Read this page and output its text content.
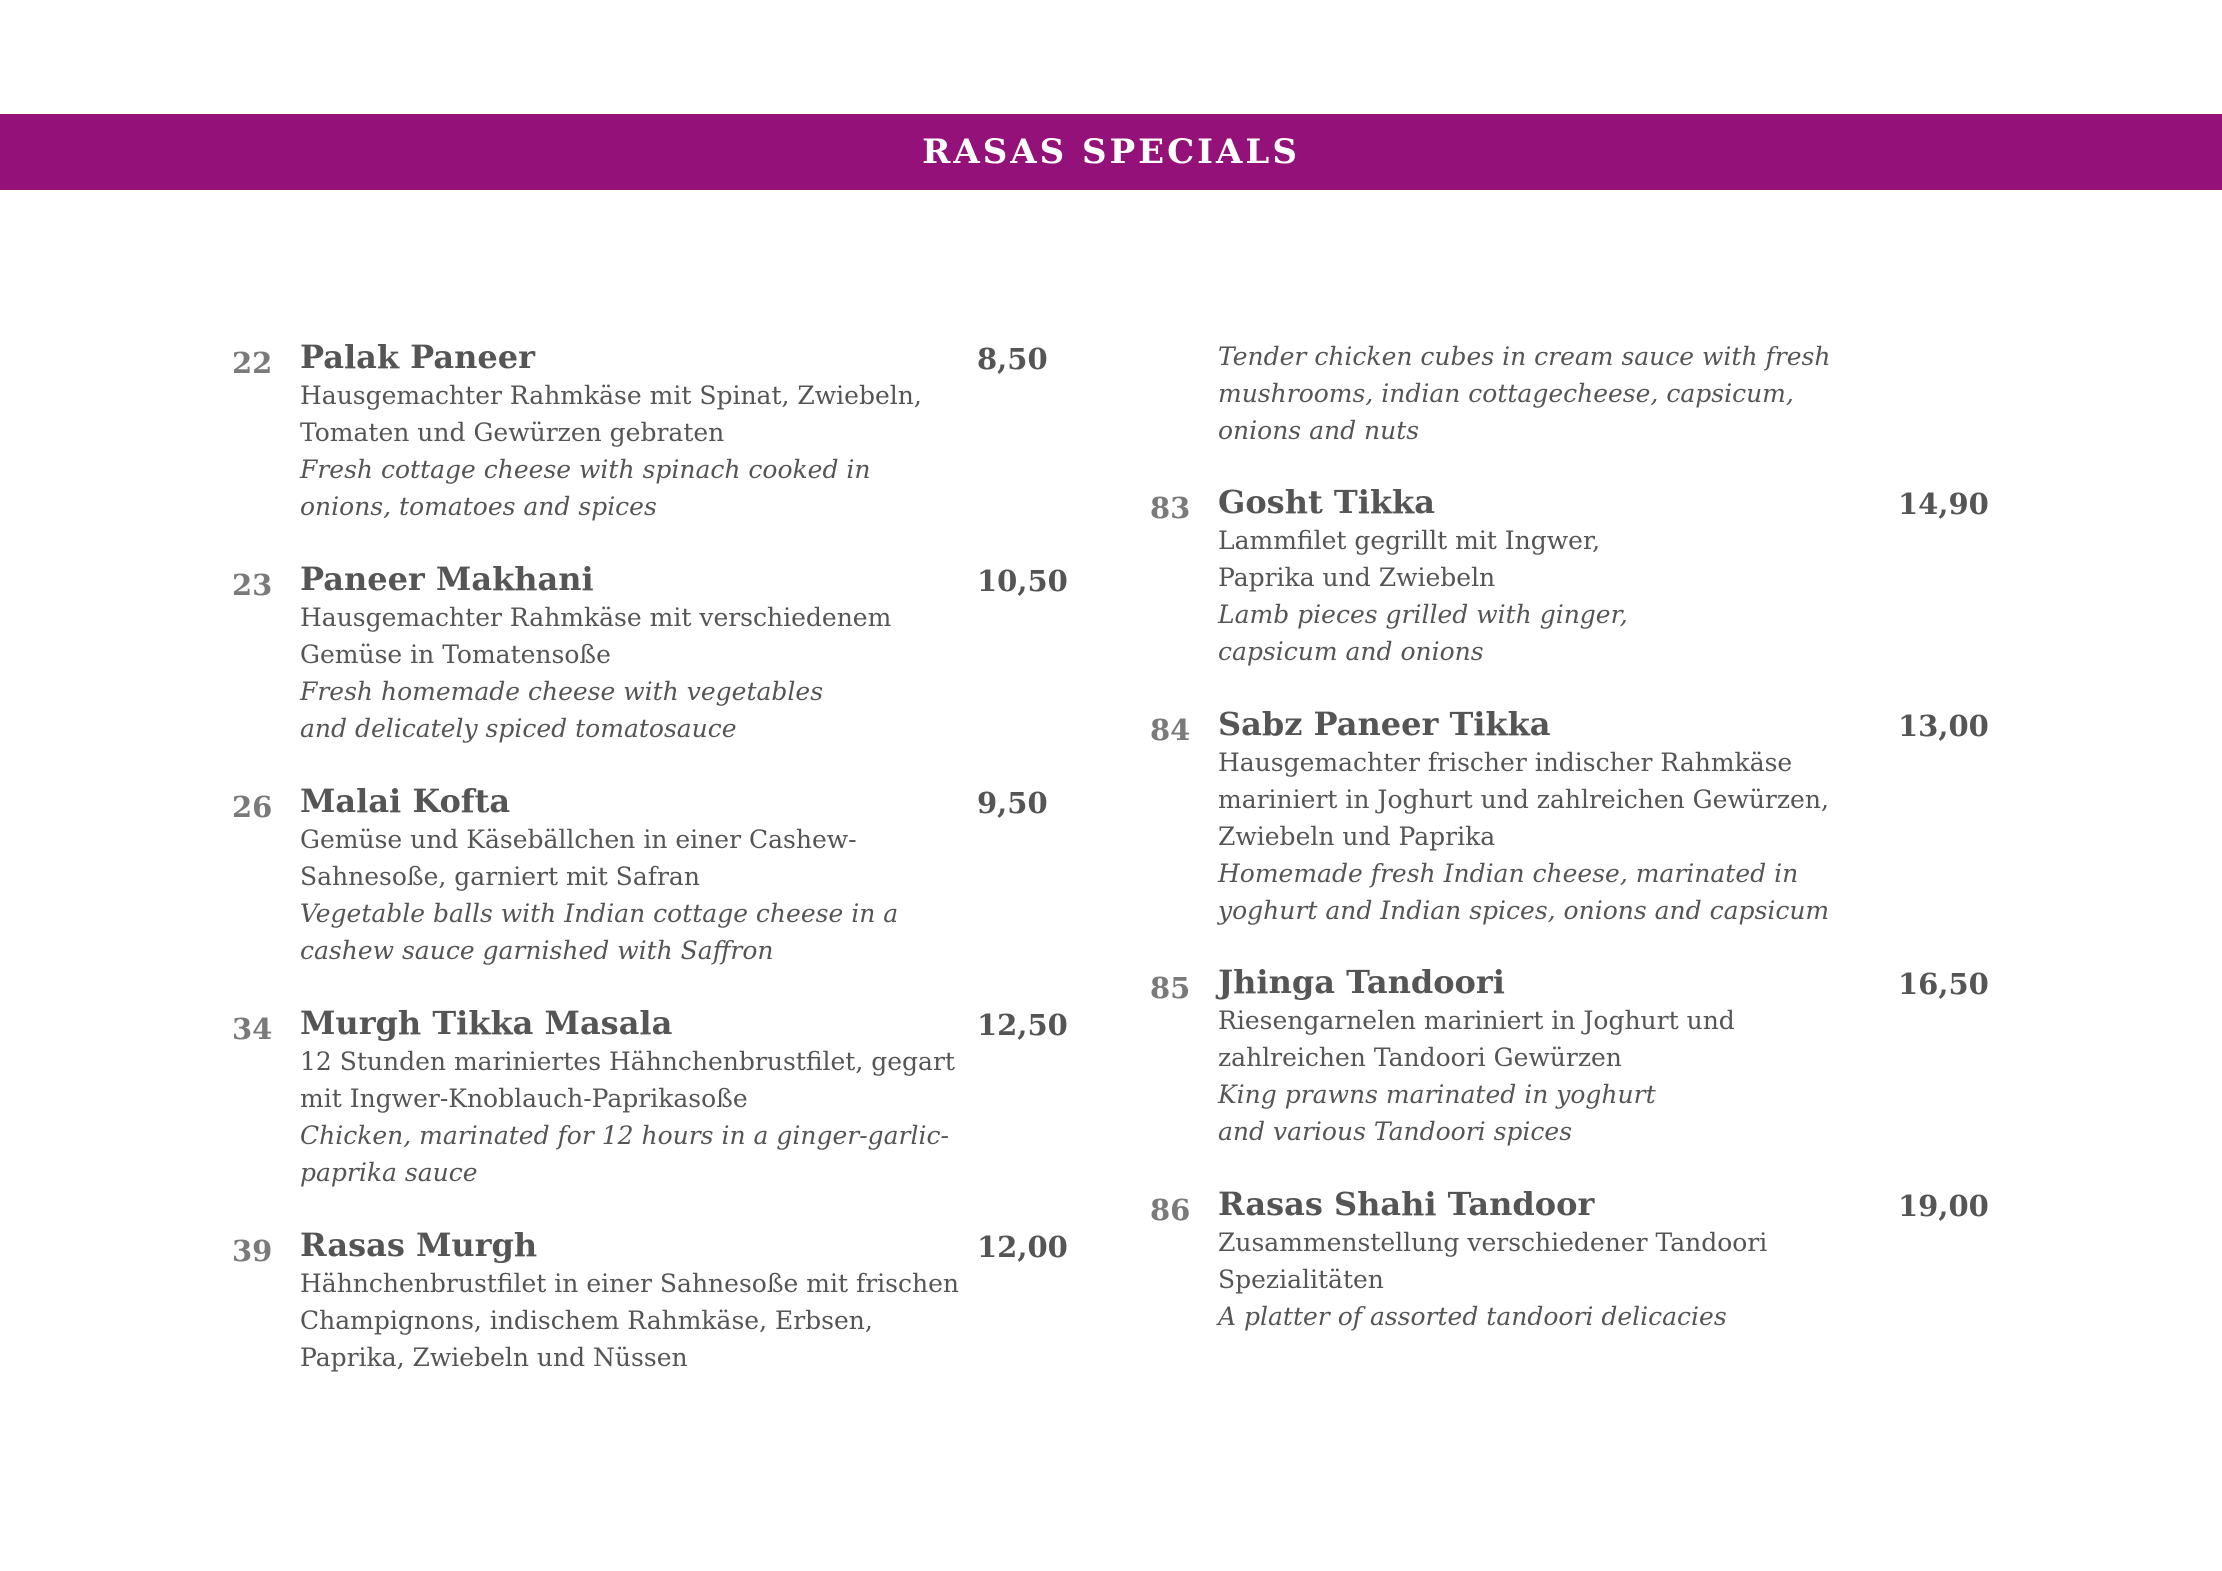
RASAS SPECIALS
22 Palak Paneer	8,50
Hausgemachter Rahmkäse mit Spinat, Zwiebeln,
Tomaten und Gewürzen gebraten
Fresh cottage cheese with spinach cooked in
onions, tomatoes and spices
23 Paneer Makhani	10,50
Hausgemachter Rahmkäse mit verschiedenem
Gemüse in Tomatensoße
Fresh homemade cheese with vegetables
and delicately spiced tomatosauce
26 Malai Kofta	9,50
Gemüse und Käsebällchen in einer Cashew-
Sahnesoße, garniert mit Safran
Vegetable balls with Indian cottage cheese in a
cashew sauce garnished with Saffron
34 Murgh Tikka Masala	12,50
12 Stunden mariniertes Hähnchenbrustfilet, gegart
mit Ingwer-Knoblauch-Paprikasoße
Chicken, marinated for 12 hours in a ginger-garlic-
paprika sauce
39 Rasas Murgh	12,00
Hähnchenbrustfilet in einer Sahnesoße mit frischen
Champignons, indischem Rahmkäse, Erbsen,
Paprika, Zwiebeln und Nüssen
Tender chicken cubes in cream sauce with fresh
mushrooms, indian cottagecheese, capsicum,
onions and nuts
83 Gosht Tikka	14,90
Lammfilet gegrillt mit Ingwer,
Paprika und Zwiebeln
Lamb pieces grilled with ginger,
capsicum and onions
84 Sabz Paneer Tikka	13,00
Hausgemachter frischer indischer Rahmkäse
mariniert in Joghurt und zahlreichen Gewürzen,
Zwiebeln und Paprika
Homemade fresh Indian cheese, marinated in
yoghurt and Indian spices, onions and capsicum
85 Jhinga Tandoori	16,50
Riesengarnelen mariniert in Joghurt und
zahlreichen Tandoori Gewürzen
King prawns marinated in yoghurt
and various Tandoori spices
86 Rasas Shahi Tandoor	19,00
Zusammenstellung verschiedener Tandoori
Spezialitäten
A platter of assorted tandoori delicacies
